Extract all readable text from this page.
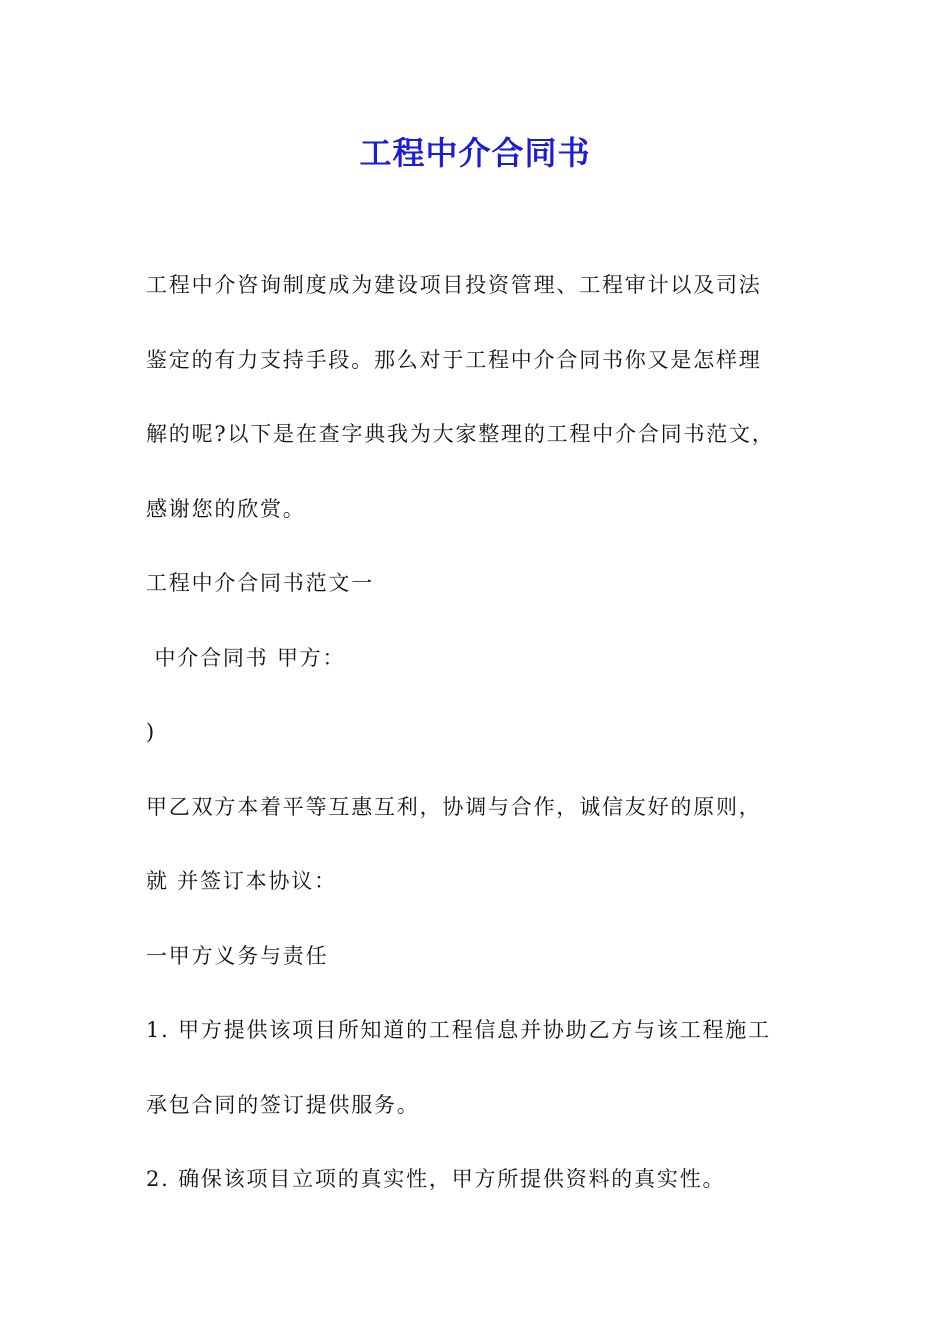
工程中介合同书
工程中介咨询制度成为建设项目投资管理、工程审计以及司法
鉴定的有力支持手段。那么对于工程中介合同书你又是怎样理
解的呢?以下是在查字典我为大家整理的工程中介合同书范文，
感谢您的欣赏。
工程中介合同书范文一
中介合同书 甲方：
)
甲乙双方本着平等互惠互利，协调与合作，诚信友好的原则，
就 并签订本协议：
一甲方义务与责任
1. 甲方提供该项目所知道的工程信息并协助乙方与该工程施工
承包合同的签订提供服务。
2. 确保该项目立项的真实性，甲方所提供资料的真实性。
